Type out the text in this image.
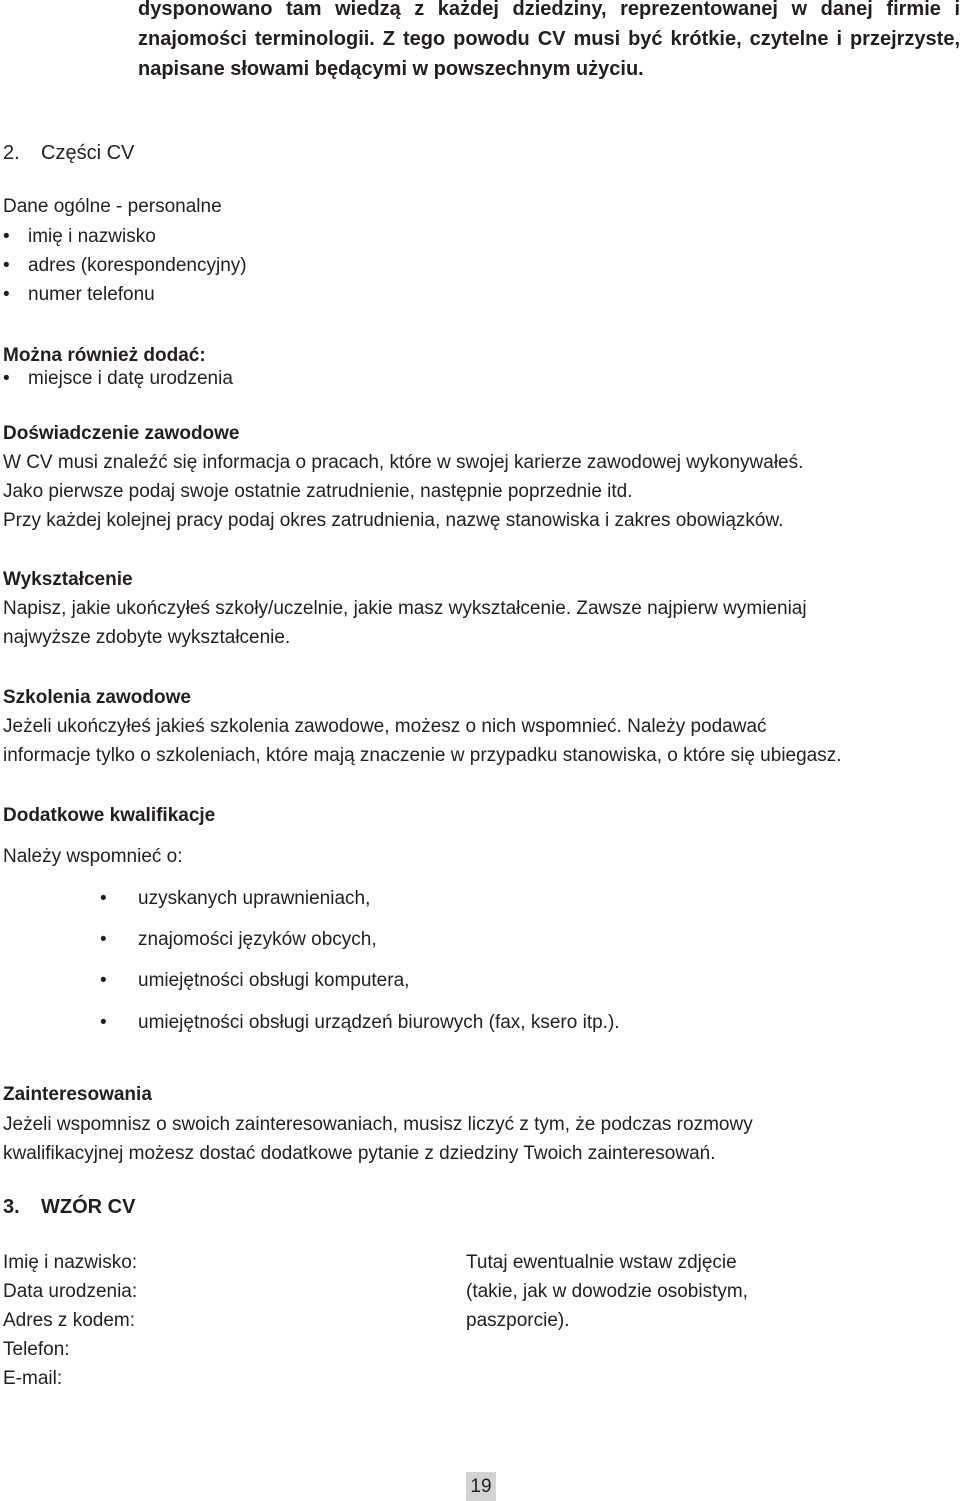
dysponowano tam wiedzą z każdej dziedziny, reprezentowanej w danej firmie i znajomości terminologii. Z tego powodu CV musi być krótkie, czytelne i przejrzyste, napisane słowami będącymi w powszechnym użyciu.

2. Części CV

Dane ogólne - personalne

• imię i nazwisko
• adres (korespondencyjny)
• numer telefonu

Można również dodać:

• miejsce i datę urodzenia

Doświadczenie zawodowe

W CV musi znaleźć się informacja o pracach, które w swojej karierze zawodowej wykonywałeś.

Jako pierwsze podaj swoje ostatnie zatrudnienie, następnie poprzednie itd.

Przy każdej kolejnej pracy podaj okres zatrudnienia, nazwę stanowiska i zakres obowiązków.

Wykształcenie

Napisz, jakie ukończyłeś szkoły/uczelnie, jakie masz wykształcenie. Zawsze najpierw wymieniaj

najwyższe zdobyte wykształcenie.

Szkolenia zawodowe

Jeżeli ukończyłeś jakieś szkolenia zawodowe, możesz o nich wspomnieć. Należy podawać

informacje tylko o szkoleniach, które mają znaczenie w przypadku stanowiska, o które się ubiegasz.

Dodatkowe kwalifikacje

Należy wspomnieć o:

• uzyskanych uprawnieniach,
• znajomości języków obcych,
• umiejętności obsługi komputera,
• umiejętności obsługi urządzeń biurowych (fax, ksero itp.).

Zainteresowania

Jeżeli wspomnisz o swoich zainteresowaniach, musisz liczyć z tym, że podczas rozmowy

kwalifikacyjnej możesz dostać dodatkowe pytanie z dziedziny Twoich zainteresowań.

3. WZÓR CV

Imię i nazwisko:

Data urodzenia:

Adres z kodem:

Telefon:

E-mail:

Tutaj ewentualnie wstaw zdjęcie

(takie, jak w dowodzie osobistym,

paszporcie).

19
